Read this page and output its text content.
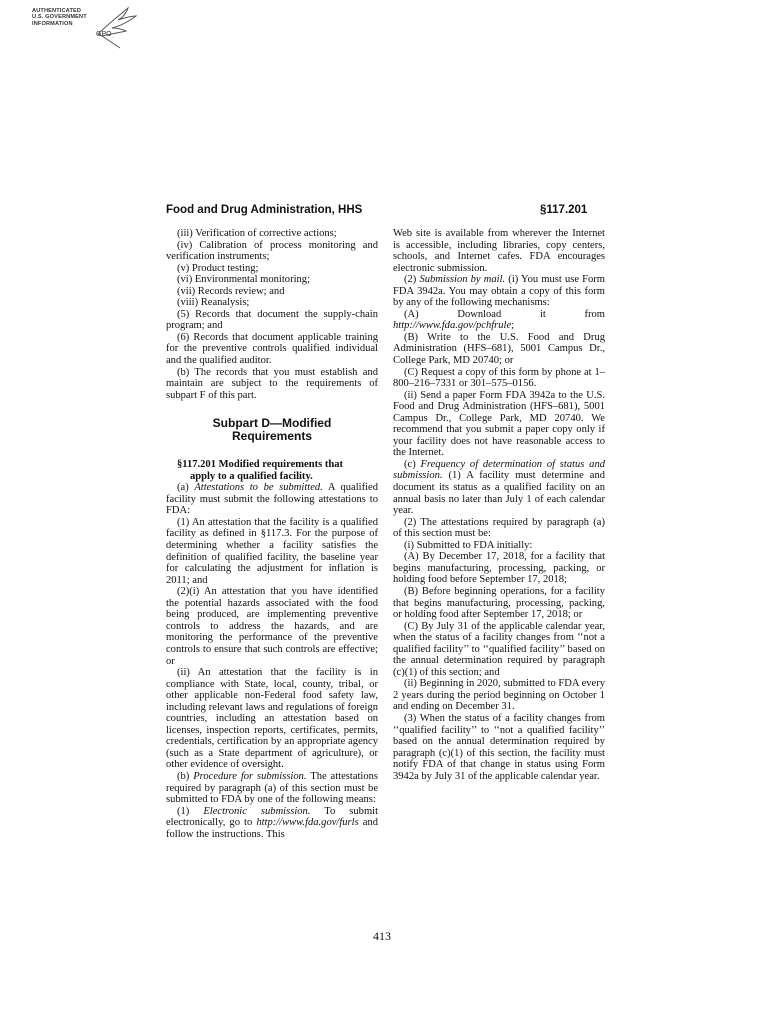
AUTHENTICATED
U.S. GOVERNMENT
INFORMATION
GPO
Food and Drug Administration, HHS	§117.201

(iii) Verification of corrective actions;

(iv) Calibration of process monitoring and verification instruments;

(v) Product testing;

(vi) Environmental monitoring;

(vii) Records review; and

(viii) Reanalysis;

(5) Records that document the supply-chain program; and

(6) Records that document applicable training for the preventive controls qualified individual and the qualified auditor.

(b) The records that you must establish and maintain are subject to the requirements of subpart F of this part.

Subpart D—Modified
Requirements

§117.201 Modified requirements that
apply to a qualified facility.

(a) Attestations to be submitted. A qualified facility must submit the following attestations to FDA:

(1) An attestation that the facility is a qualified facility as defined in §117.3. For the purpose of determining whether a facility satisfies the definition of qualified facility, the baseline year for calculating the adjustment for inflation is 2011; and

(2)(i) An attestation that you have identified the potential hazards associated with the food being produced, are implementing preventive controls to address the hazards, and are monitoring the performance of the preventive controls to ensure that such controls are effective; or

(ii) An attestation that the facility is in compliance with State, local, county, tribal, or other applicable non-Federal food safety law, including relevant laws and regulations of foreign countries, including an attestation based on licenses, inspection reports, certificates, permits, credentials, certification by an appropriate agency (such as a State department of agriculture), or other evidence of oversight.

(b) Procedure for submission. The attestations required by paragraph (a) of this section must be submitted to FDA by one of the following means:

(1) Electronic submission. To submit electronically, go to http://www.fda.gov/furls and follow the instructions. This

Web site is available from wherever the Internet is accessible, including libraries, copy centers, schools, and Internet cafes. FDA encourages electronic submission.

(2) Submission by mail. (i) You must use Form FDA 3942a. You may obtain a copy of this form by any of the following mechanisms:

(A) Download it from http://www.fda.gov/pchfrule;

(B) Write to the U.S. Food and Drug Administration (HFS–681), 5001 Campus Dr., College Park, MD 20740; or

(C) Request a copy of this form by phone at 1–800–216–7331 or 301–575–0156.

(ii) Send a paper Form FDA 3942a to the U.S. Food and Drug Administration (HFS–681), 5001 Campus Dr., College Park, MD 20740. We recommend that you submit a paper copy only if your facility does not have reasonable access to the Internet.

(c) Frequency of determination of status and submission. (1) A facility must determine and document its status as a qualified facility on an annual basis no later than July 1 of each calendar year.

(2) The attestations required by paragraph (a) of this section must be:

(i) Submitted to FDA initially:

(A) By December 17, 2018, for a facility that begins manufacturing, processing, packing, or holding food before September 17, 2018;

(B) Before beginning operations, for a facility that begins manufacturing, processing, packing, or holding food after September 17, 2018; or

(C) By July 31 of the applicable calendar year, when the status of a facility changes from ‘‘not a qualified facility’’ to ‘‘qualified facility’’ based on the annual determination required by paragraph (c)(1) of this section; and

(ii) Beginning in 2020, submitted to FDA every 2 years during the period beginning on October 1 and ending on December 31.

(3) When the status of a facility changes from ‘‘qualified facility’’ to ‘‘not a qualified facility’’ based on the annual determination required by paragraph (c)(1) of this section, the facility must notify FDA of that change in status using Form 3942a by July 31 of the applicable calendar year.

413
